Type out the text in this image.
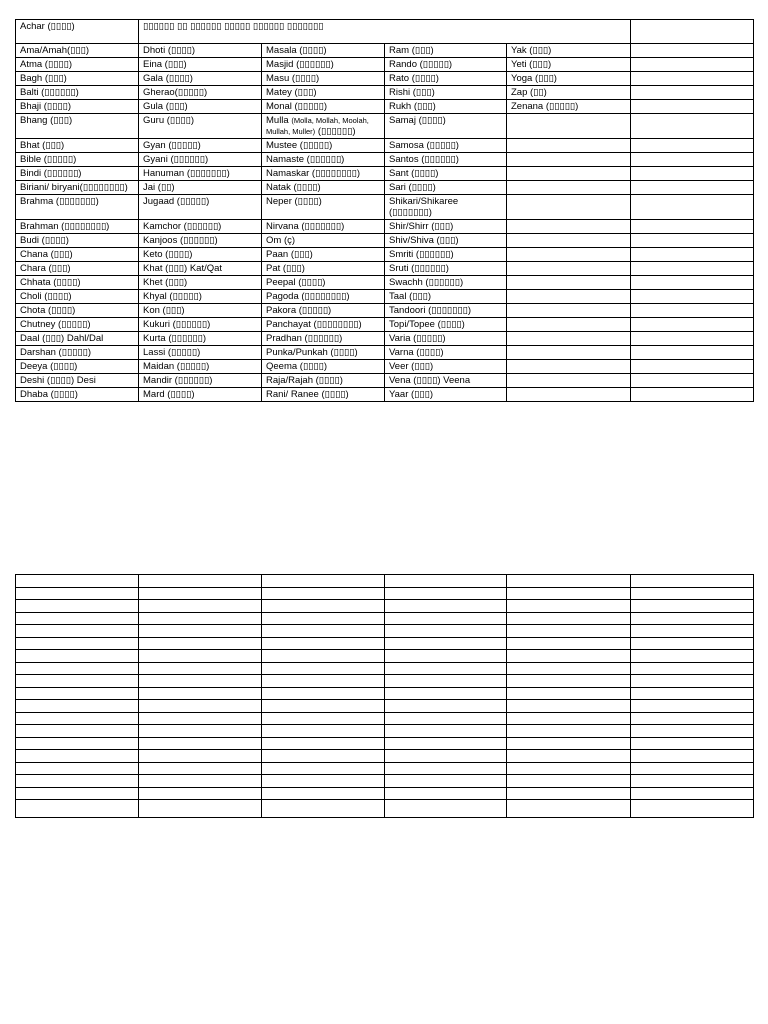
Achar (▯▯▯▯)	▯▯▯▯▯▯ ▯▯ ▯▯▯▯▯▯ ▯▯▯▯▯ ▯▯▯▯▯▯ ▯▯▯▯▯▯▯				
Ama/Amah(▯▯▯)	Dhoti (▯▯▯▯)	Masala (▯▯▯▯)	Ram (▯▯▯)	Yak (▯▯▯)	
Atma (▯▯▯▯)	Eina (▯▯▯)	Masjid (▯▯▯▯▯▯)	Rando (▯▯▯▯▯)	Yeti (▯▯▯)	
Bagh (▯▯▯)	Gala (▯▯▯▯)	Masu (▯▯▯▯)	Rato (▯▯▯▯)	Yoga (▯▯▯)	
Balti (▯▯▯▯▯▯)	Gherao(▯▯▯▯▯)	Matey (▯▯▯)	Rishi (▯▯▯)	Zap (▯▯)	
Bhaji (▯▯▯▯)	Gula (▯▯▯)	Monal (▯▯▯▯▯)	Rukh (▯▯▯)	Zenana (▯▯▯▯▯)	
Bhang (▯▯▯)	Guru (▯▯▯▯)	Mulla (Molla, Mollah, Moolah, Mullah, Muller) (▯▯▯▯▯▯)	Samaj (▯▯▯▯)		
Bhat (▯▯▯)	Gyan (▯▯▯▯▯)	Mustee (▯▯▯▯▯)	Samosa (▯▯▯▯▯)		
Bible (▯▯▯▯▯)	Gyani (▯▯▯▯▯▯)	Namaste (▯▯▯▯▯▯)	Santos (▯▯▯▯▯▯)		
Bindi (▯▯▯▯▯▯)	Hanuman (▯▯▯▯▯▯▯)	Namaskar (▯▯▯▯▯▯▯▯)	Sant (▯▯▯▯)		
Biriani/ biryani(▯▯▯▯▯▯▯▯)	Jai (▯▯)	Natak (▯▯▯▯)	Sari (▯▯▯▯)		
Brahma (▯▯▯▯▯▯▯)	Jugaad (▯▯▯▯▯)	Neper (▯▯▯▯)	Shikari/Shikaree (▯▯▯▯▯▯▯)		
Brahman (▯▯▯▯▯▯▯▯)	Kamchor (▯▯▯▯▯▯)	Nirvana (▯▯▯▯▯▯▯)	Shir/Shirr (▯▯▯)		
Budi (▯▯▯▯)	Kanjoos (▯▯▯▯▯▯)	Om (ç)	Shiv/Shiva (▯▯▯)		
Chana (▯▯▯)	Keto (▯▯▯▯)	Paan (▯▯▯)	Smriti (▯▯▯▯▯▯)		
Chara (▯▯▯)	Khat (▯▯▯) Kat/Qat	Pat (▯▯▯)	Sruti (▯▯▯▯▯▯)		
Chhata (▯▯▯▯)	Khet (▯▯▯)	Peepal (▯▯▯▯)	Swachh (▯▯▯▯▯▯)		
Choli (▯▯▯▯)	Khyal (▯▯▯▯▯)	Pagoda (▯▯▯▯▯▯▯▯)	Taal (▯▯▯)		
Chota (▯▯▯▯)	Kon (▯▯▯)	Pakora (▯▯▯▯▯)	Tandoori (▯▯▯▯▯▯▯)		
Chutney (▯▯▯▯▯)	Kukuri (▯▯▯▯▯▯)	Panchayat (▯▯▯▯▯▯▯▯)	Topi/Topee (▯▯▯▯)		
Daal (▯▯▯) Dahl/Dal	Kurta (▯▯▯▯▯▯)	Pradhan (▯▯▯▯▯▯)	Varia (▯▯▯▯▯)		
Darshan (▯▯▯▯▯)	Lassi (▯▯▯▯▯)	Punka/Punkah (▯▯▯▯)	Varna (▯▯▯▯)		
Deeya (▯▯▯▯)	Maidan (▯▯▯▯▯)	Qeema (▯▯▯▯)	Veer (▯▯▯)		
Deshi (▯▯▯▯) Desi	Mandir (▯▯▯▯▯▯)	Raja/Rajah (▯▯▯▯)	Vena (▯▯▯▯) Veena		
Dhaba (▯▯▯▯)	Mard (▯▯▯▯)	Rani/ Ranee (▯▯▯▯)	Yaar (▯▯▯)		
